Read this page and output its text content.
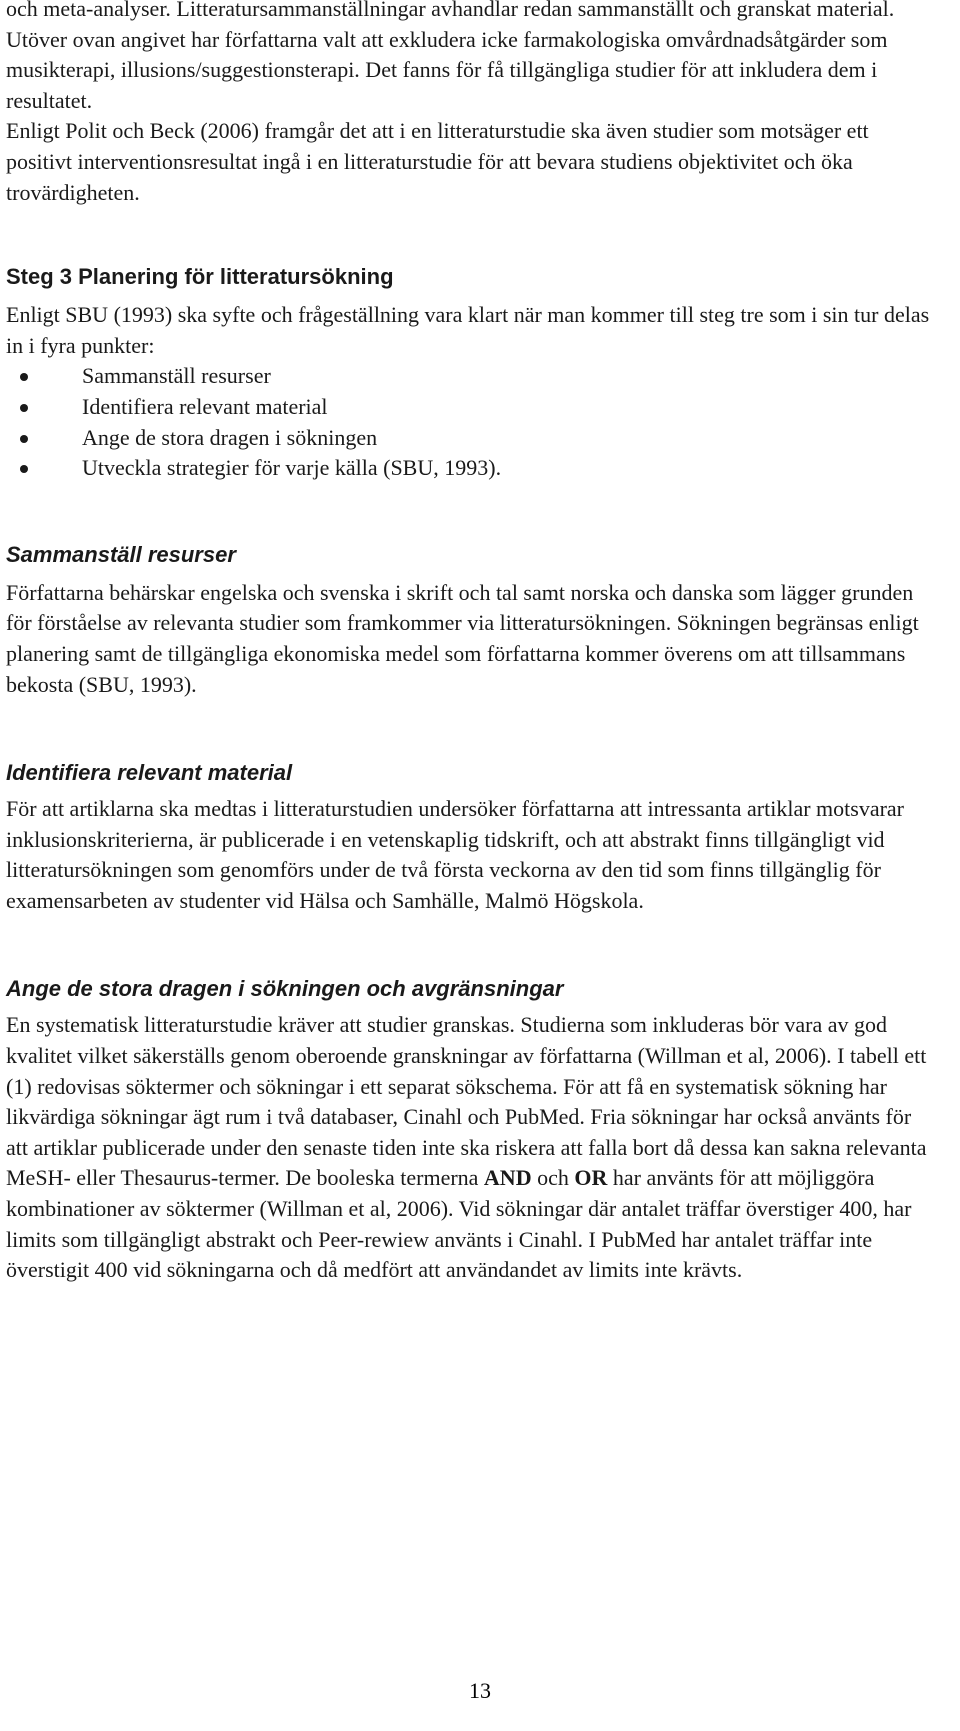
och meta-analyser. Litteratursammanställningar avhandlar redan sammanställt och granskat material. Utöver ovan angivet har författarna valt att exkludera icke farmakologiska omvårdnadsåtgärder som musikterapi, illusions/suggestionsterapi. Det fanns för få tillgängliga studier för att inkludera dem i resultatet.

Enligt Polit och Beck (2006) framgår det att i en litteraturstudie ska även studier som motsäger ett positivt interventionsresultat ingå i en litteraturstudie för att bevara studiens objektivitet och öka trovärdigheten.

Steg 3 Planering för litteratursökning

Enligt SBU (1993) ska syfte och frågeställning vara klart när man kommer till steg tre som i sin tur delas in i fyra punkter:

Sammanställ resurser
Identifiera relevant material
Ange de stora dragen i sökningen
Utveckla strategier för varje källa (SBU, 1993).
Sammanställ resurser

Författarna behärskar engelska och svenska i skrift och tal samt norska och danska som lägger grunden för förståelse av relevanta studier som framkommer via litteratursökningen. Sökningen begränsas enligt planering samt de tillgängliga ekonomiska medel som författarna kommer överens om att tillsammans bekosta (SBU, 1993).

Identifiera relevant material

För att artiklarna ska medtas i litteraturstudien undersöker författarna att intressanta artiklar motsvarar inklusionskriterierna, är publicerade i en vetenskaplig tidskrift, och att abstrakt finns tillgängligt vid litteratursökningen som genomförs under de två första veckorna av den tid som finns tillgänglig för examensarbeten av studenter vid Hälsa och Samhälle, Malmö Högskola.

Ange de stora dragen i sökningen och avgränsningar

En systematisk litteraturstudie kräver att studier granskas. Studierna som inkluderas bör vara av god kvalitet vilket säkerställs genom oberoende granskningar av författarna (Willman et al, 2006). I tabell ett (1) redovisas söktermer och sökningar i ett separat sökschema. För att få en systematisk sökning har likvärdiga sökningar ägt rum i två databaser, Cinahl och PubMed. Fria sökningar har också använts för att artiklar publicerade under den senaste tiden inte ska riskera att falla bort då dessa kan sakna relevanta MeSH- eller Thesaurus-termer. De booleska termerna AND och OR har använts för att möjliggöra kombinationer av söktermer (Willman et al, 2006). Vid sökningar där antalet träffar överstiger 400, har limits som tillgängligt abstrakt och Peer-rewiew använts i Cinahl. I PubMed har antalet träffar inte överstigit 400 vid sökningarna och då medfört att användandet av limits inte krävts.

13
